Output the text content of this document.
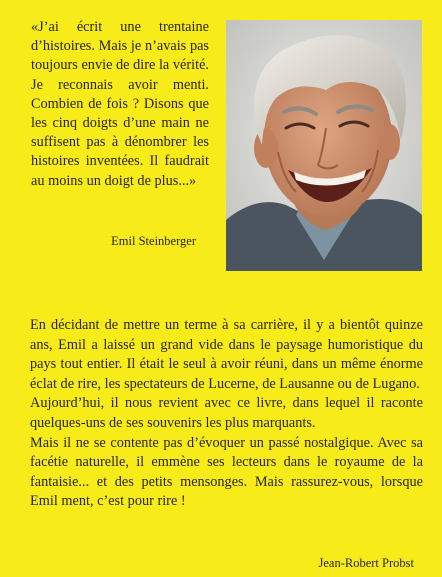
«J’ai écrit une trentaine d’histoires. Mais je n’avais pas toujours envie de dire la vérité. Je reconnais avoir menti. Combien de fois ? Disons que les cinq doigts d’une main ne suffisent pas à dénombrer les histoires inventées. Il faudrait au moins un doigt de plus...»

Emil Steinberger

En décidant de mettre un terme à sa carrière, il y a bientôt quinze ans, Emil a laissé un grand vide dans le paysage humoristique du pays tout entier. Il était le seul à avoir réuni, dans un même énorme éclat de rire, les spectateurs de Lucerne, de Lausanne ou de Lugano.

Aujourd’hui, il nous revient avec ce livre, dans lequel il raconte quelques-uns de ses souvenirs les plus marquants.

Mais il ne se contente pas d’évoquer un passé nostalgique. Avec sa facétie naturelle, il emmène ses lecteurs dans le royaume de la fantaisie... et des petits mensonges. Mais rassurez-vous, lorsque Emil ment, c’est pour rire !

Jean-Robert Probst
